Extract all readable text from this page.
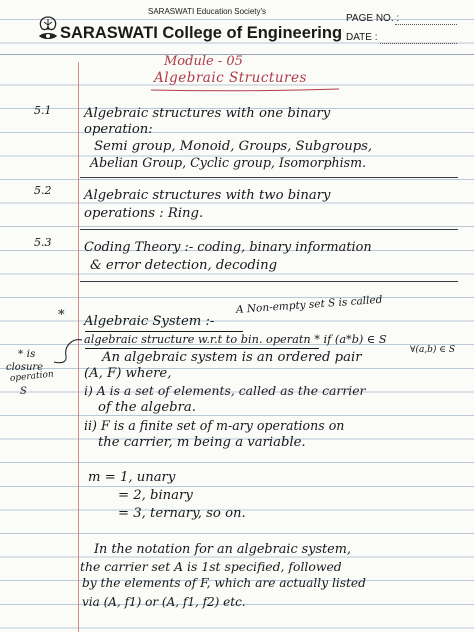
SARASWATI Education Society's
SARASWATI College of Engineering
PAGE NO. :
DATE :
Module - 05
Algebraic Structures
5.1 Algebraic structures with one binary
operation:
Semi group, Monoid, Groups, Subgroups,
Abelian Group, Cyclic group, Isomorphism.
5.2 Algebraic structures with two binary
operations : Ring.
5.3	Coding Theory :- coding, binary information
& error detection, decoding
* Algebraic System :-
A Non-empty set S is called
algebraic structure w.r.t to bin. operatn * if (a*b) ∈ S
∀(a,b) ∈ S
An algebraic system is an ordered pair
(A, F) where,
i) A is a set of elements, called as the carrier
of the algebra.
ii) F is a finite set of m-ary operations on
the carrier, m being a variable.
* is
closure
operation
S
m = 1, unary
= 2, binary
= 3, ternary, so on.
In the notation for an algebraic system,
the carrier set A is 1st specified, followed
by the elements of F, which are actually listed
via (A, f1) or (A, f1, f2) etc.
